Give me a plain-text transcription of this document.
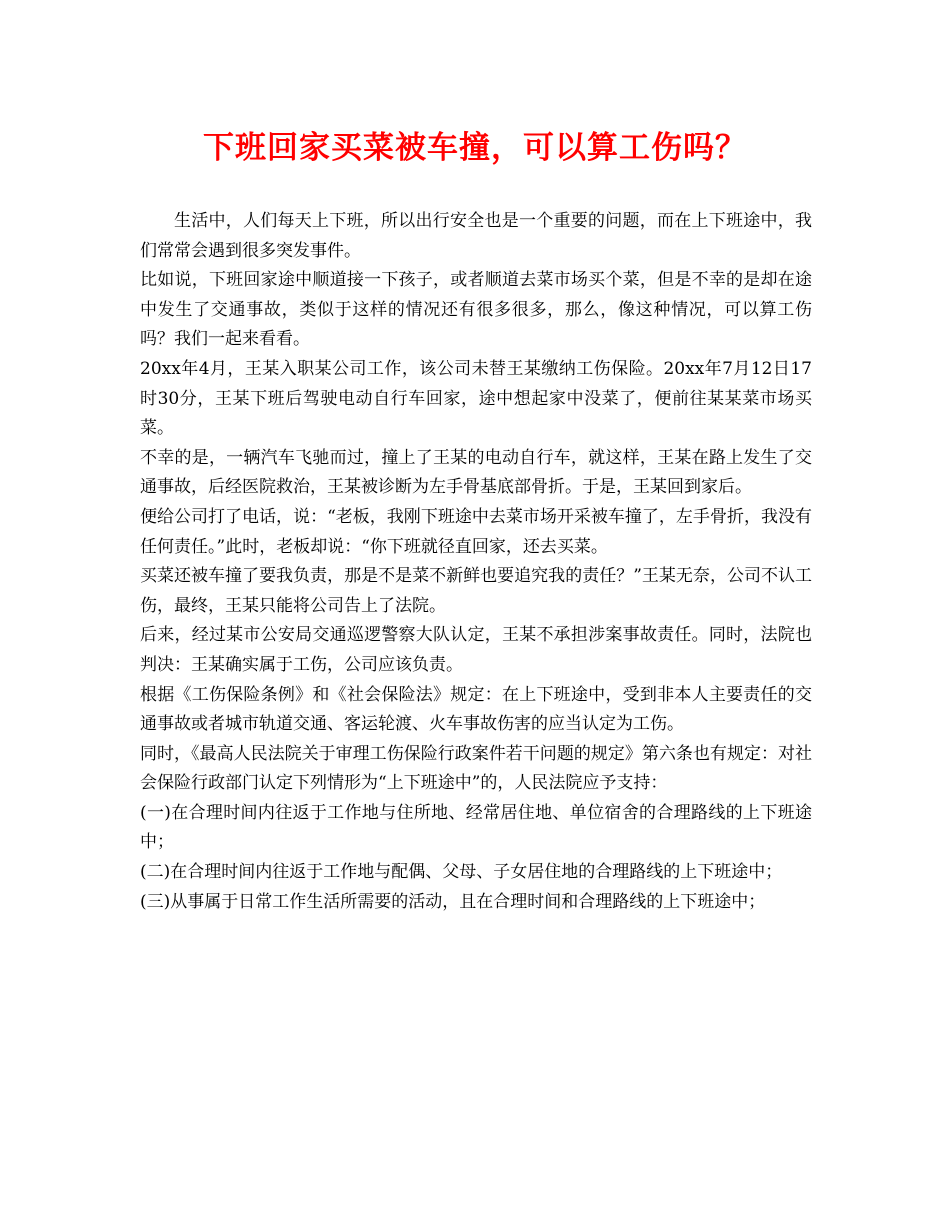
下班回家买菜被车撞，可以算工伤吗？

生活中，人们每天上下班，所以出行安全也是一个重要的问题，而在上下班途中，我们常常会遇到很多突发事件。

比如说，下班回家途中顺道接一下孩子，或者顺道去菜市场买个菜，但是不幸的是却在途中发生了交通事故，类似于这样的情况还有很多很多，那么，像这种情况，可以算工伤吗？我们一起来看看。

20xx年4月，王某入职某公司工作，该公司未替王某缴纳工伤保险。20xx年7月12日17时30分，王某下班后驾驶电动自行车回家，途中想起家中没菜了，便前往某某菜市场买菜。

不幸的是，一辆汽车飞驰而过，撞上了王某的电动自行车，就这样，王某在路上发生了交通事故，后经医院救治，王某被诊断为左手骨基底部骨折。于是，王某回到家后。

便给公司打了电话，说：“老板，我刚下班途中去菜市场开采被车撞了，左手骨折，我没有任何责任。”此时，老板却说：“你下班就径直回家，还去买菜。

买菜还被车撞了要我负责，那是不是菜不新鲜也要追究我的责任？”王某无奈，公司不认工伤，最终，王某只能将公司告上了法院。

后来，经过某市公安局交通巡逻警察大队认定，王某不承担涉案事故责任。同时，法院也判决：王某确实属于工伤，公司应该负责。

根据《工伤保险条例》和《社会保险法》规定：在上下班途中，受到非本人主要责任的交通事故或者城市轨道交通、客运轮渡、火车事故伤害的应当认定为工伤。

同时，《最高人民法院关于审理工伤保险行政案件若干问题的规定》第六条也有规定：对社会保险行政部门认定下列情形为“上下班途中”的，人民法院应予支持：

(一)在合理时间内往返于工作地与住所地、经常居住地、单位宿舍的合理路线的上下班途中；

(二)在合理时间内往返于工作地与配偶、父母、子女居住地的合理路线的上下班途中；

(三)从事属于日常工作生活所需要的活动，且在合理时间和合理路线的上下班途中；
